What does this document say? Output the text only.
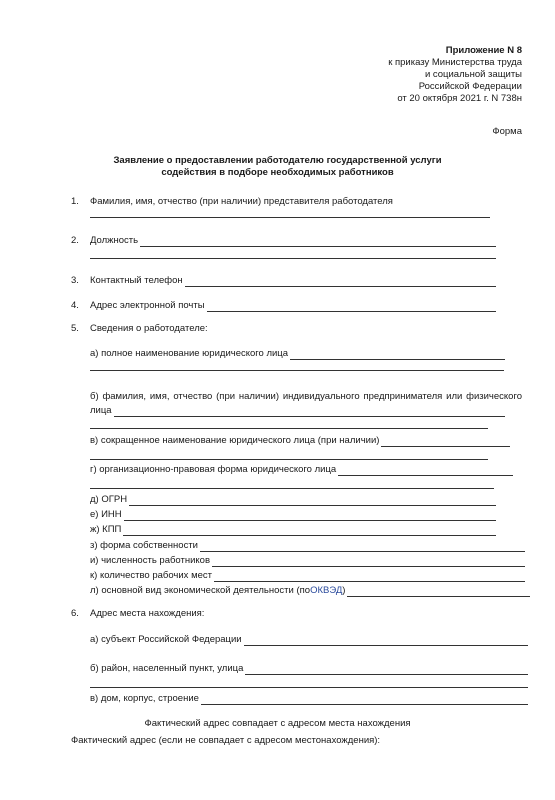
Приложение N 8
к приказу Министерства труда
и социальной защиты
Российской Федерации
от 20 октября 2021 г. N 738н
Форма
Заявление о предоставлении работодателю государственной услуги
содействия в подборе необходимых работников
1. Фамилия, имя, отчество (при наличии) представителя работодателя
2.	Должность
3.	Контактный телефон
4.	Адрес электронной почты
5. Сведения о работодателе:
а) полное наименование юридического лица
б) фамилия, имя, отчество (при наличии) индивидуального предпринимателя или физического
лица
в) сокращенное наименование юридического лица (при наличии)
г) организационно-правовая форма юридического лица
д) ОГРН
е) ИНН
ж) КПП
з) форма собственности
и) численность работников
к) количество рабочих мест
л) основной вид экономической деятельности (по ОКВЭД )
6. Адрес места нахождения:
а) субъект Российской Федерации
б) район, населенный пункт, улица
в) дом, корпус, строение
Фактический адрес совпадает с адресом места нахождения
Фактический адрес (если не совпадает с адресом местонахождения):
